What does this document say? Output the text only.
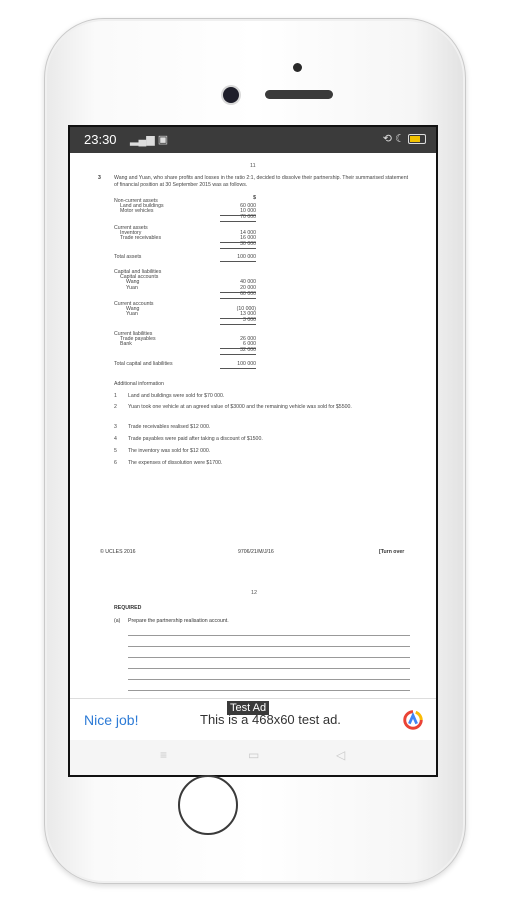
23:30 ▂▄▆ ▣	⟲ ☾
11
3	Wang and Yuan, who share profits and losses in the ratio 2:1, decided to dissolve their partnership. Their summarised statement of financial position at 30 September 2015 was as follows.
$
Non-current assets
Land and buildings	60 000
Motor vehicles	10 000
70 000
Current assets
Inventory	14 000
Trade receivables	16 000
30 000
Total assets	100 000
Capital and liabilities
Capital accounts
Wang	40 000
Yuan	20 000
60 000
Current accounts
Wang	(10 000)
Yuan	13 000
3 000
Current liabilities
Trade payables	26 000
Bank	6 000
32 000
Total capital and liabilities	100 000
Additional information
1 Land and buildings were sold for $70 000.
2 Yuan took one vehicle at an agreed value of $3000 and the remaining vehicle was sold for $5500.
3 Trade receivables realised $12 000.
4 Trade payables were paid after taking a discount of $1500.
5 The inventory was sold for $12 000.
6 The expenses of dissolution were $1700.
© UCLES 2016	9706/21/M/J/16	[Turn over
12
REQUIRED
(a) Prepare the partnership realisation account.
Test Ad
Nice job!	This is a 468x60 test ad.
≡	▭	◁
